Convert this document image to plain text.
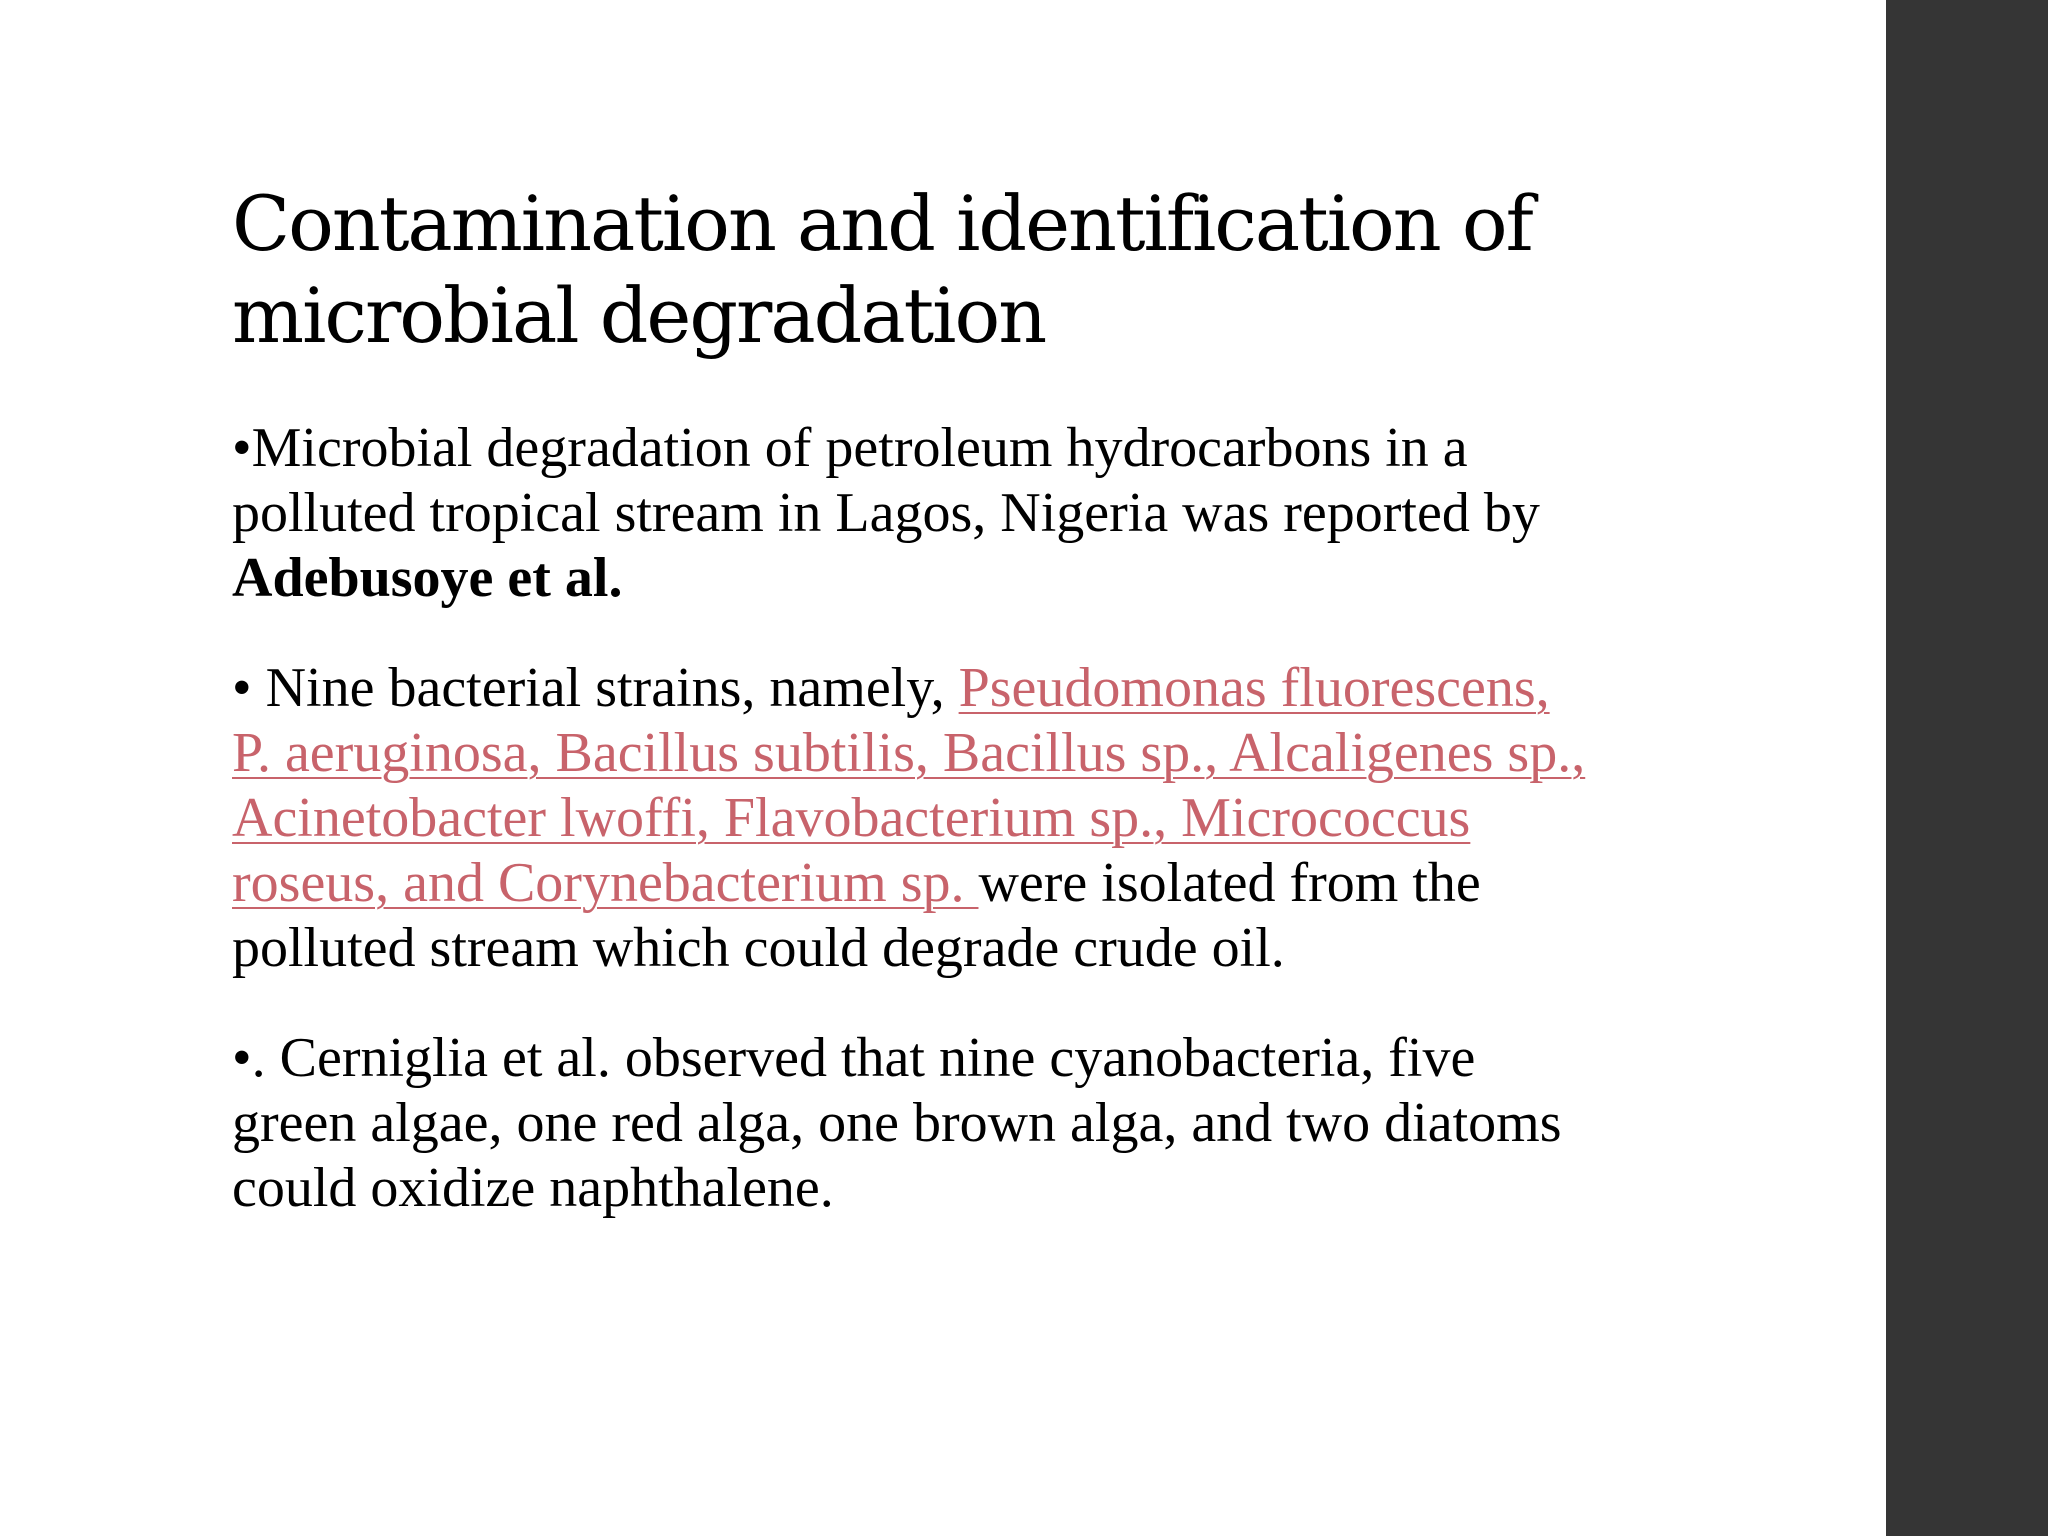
Contamination and identification of
microbial degradation

•Microbial degradation of petroleum hydrocarbons in a
polluted tropical stream in Lagos, Nigeria was reported by
Adebusoye et al.

• Nine bacterial strains, namely, Pseudomonas fluorescens,
P. aeruginosa, Bacillus subtilis, Bacillus sp., Alcaligenes sp.,
Acinetobacter lwoffi, Flavobacterium sp., Micrococcus
roseus, and Corynebacterium sp. were isolated from the
polluted stream which could degrade crude oil.

•. Cerniglia et al. observed that nine cyanobacteria, five
green algae, one red alga, one brown alga, and two diatoms
could oxidize naphthalene.
